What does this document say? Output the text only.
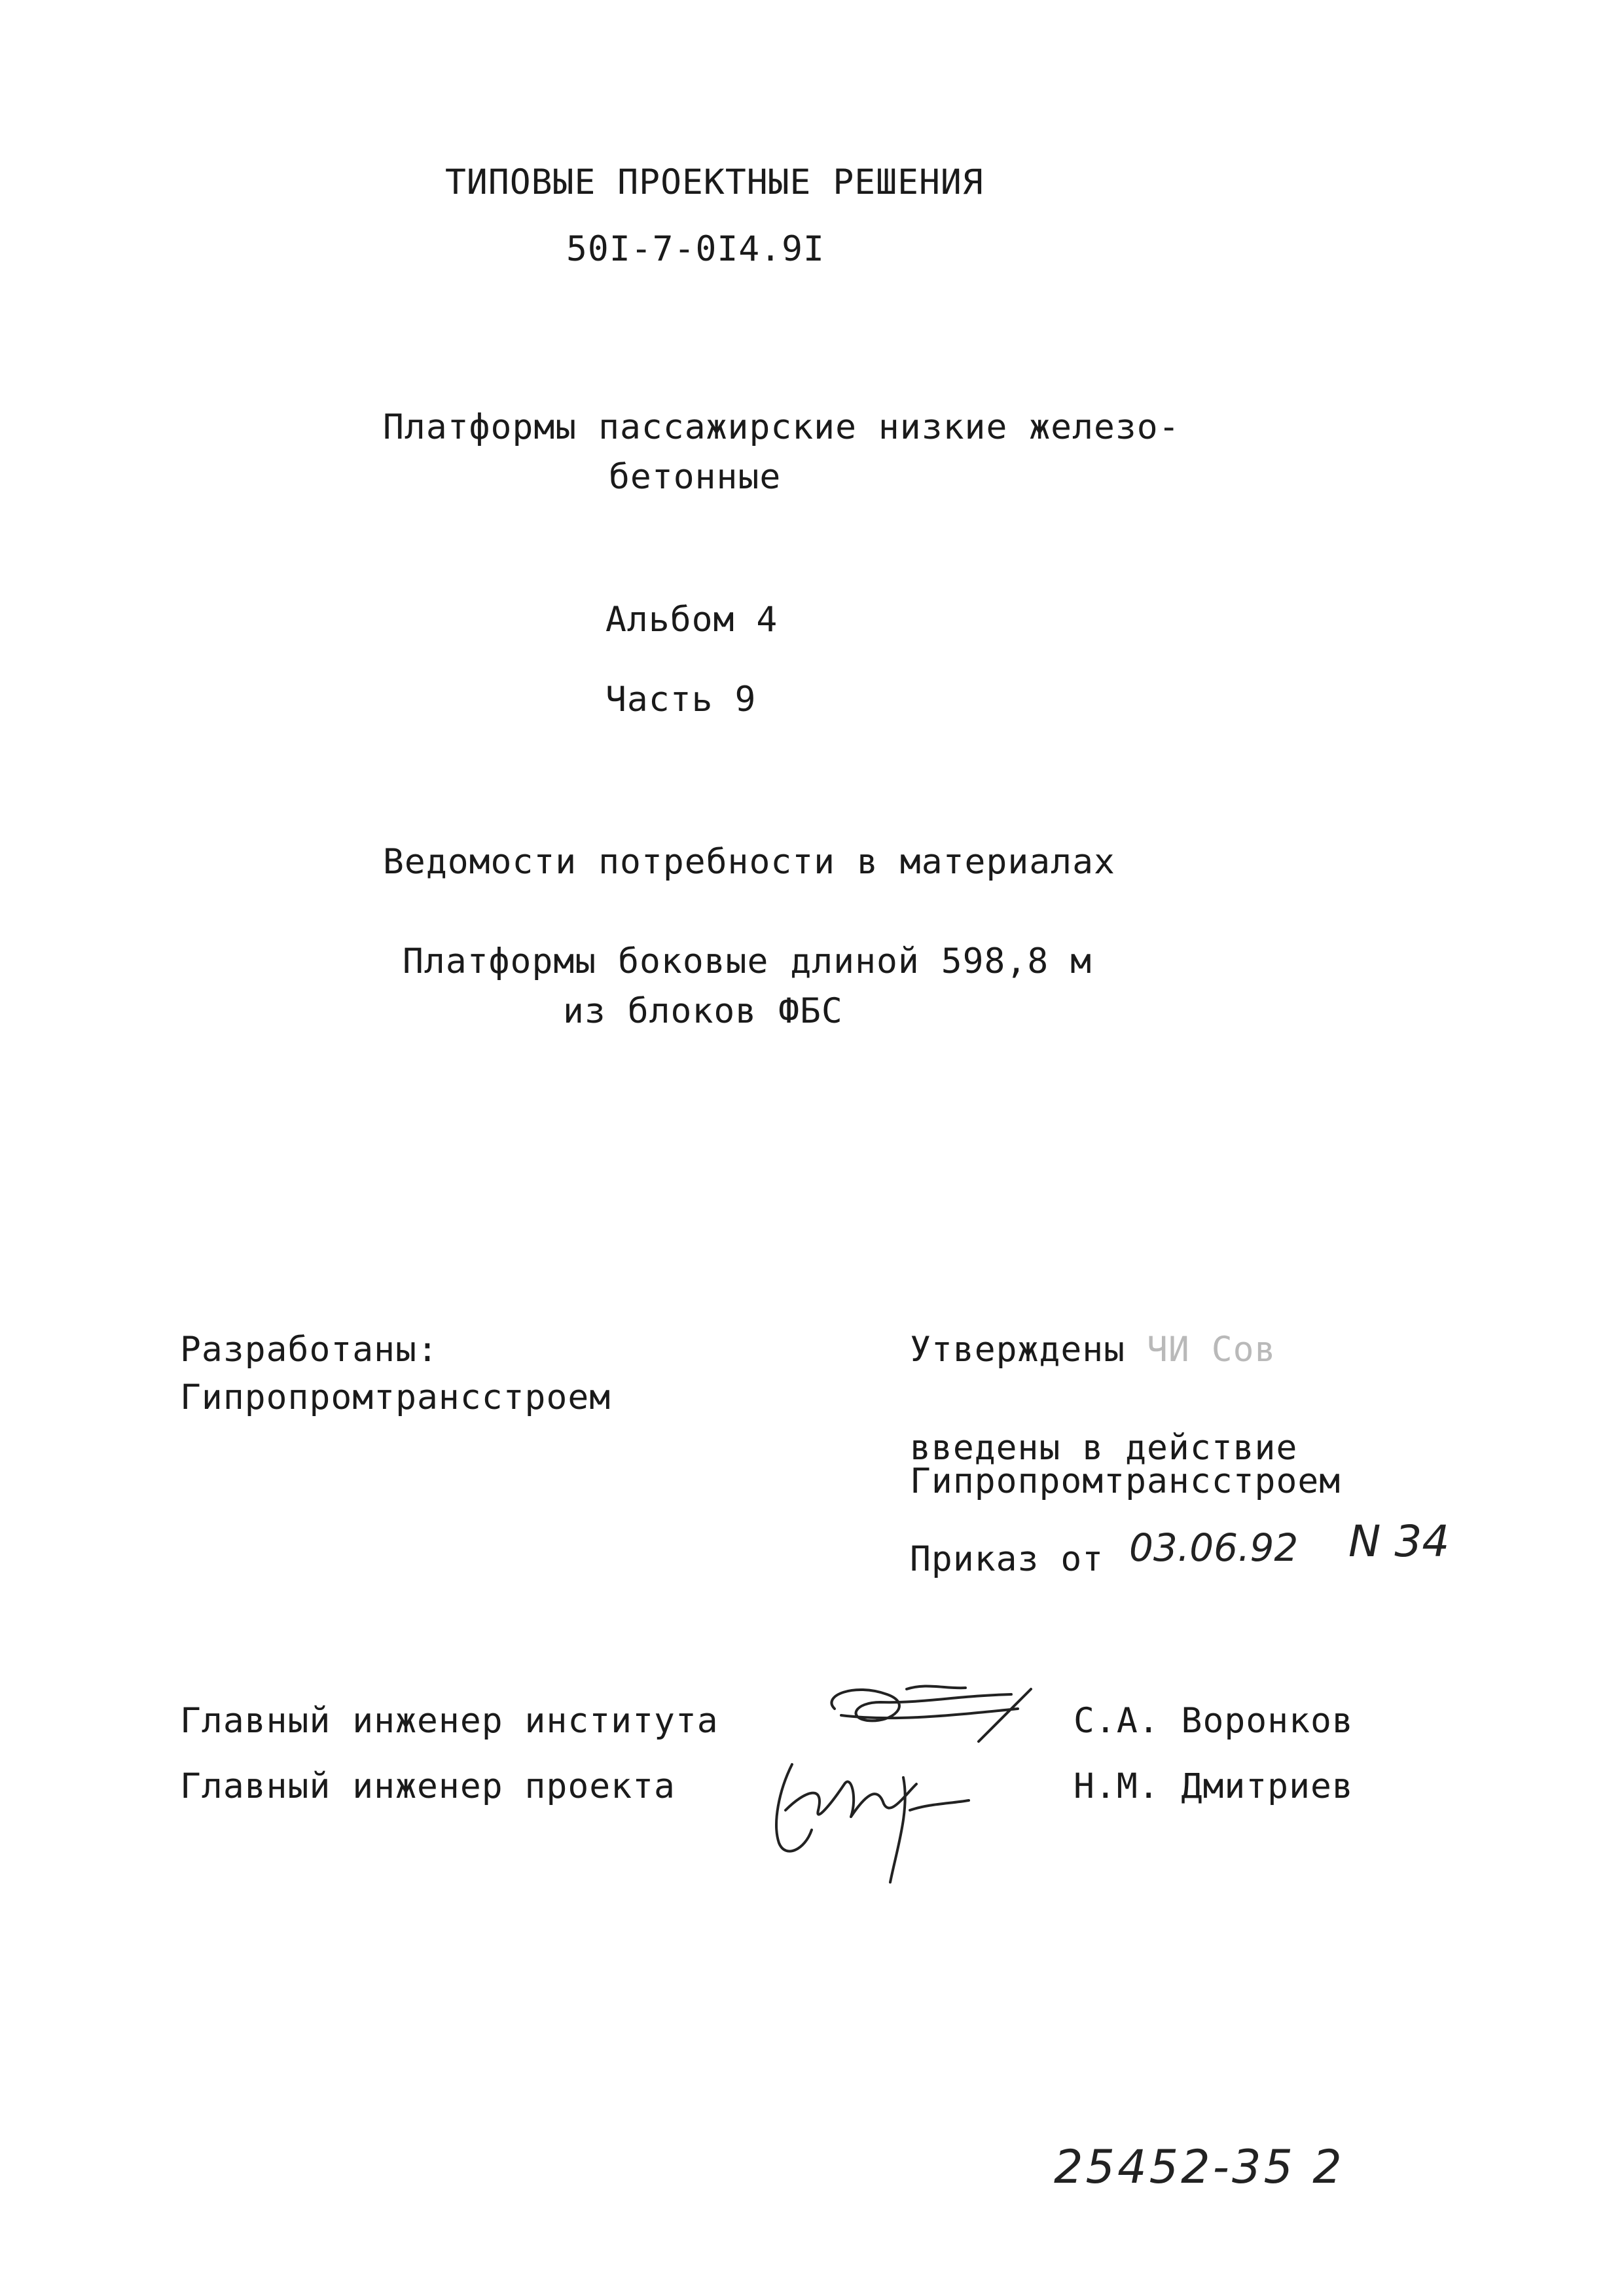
ТИПОВЫЕ ПРОЕКТНЫЕ РЕШЕНИЯ
50I-7-0I4.9I
Платформы пассажирские низкие железо-
бетонные
Альбом 4
Часть 9
Ведомости потребности в материалах
Платформы боковые длиной 598,8 м
из блоков ФБС
Разработаны:
Гипропромтрансстроем
Утверждены ЧИ Сов
введены в действие
Гипропромтрансстроем
Приказ от 03.06.92 N 34
Главный инженер института	С.А. Воронков
Главный инженер проекта	Н.М. Дмитриев
25452-35 2
